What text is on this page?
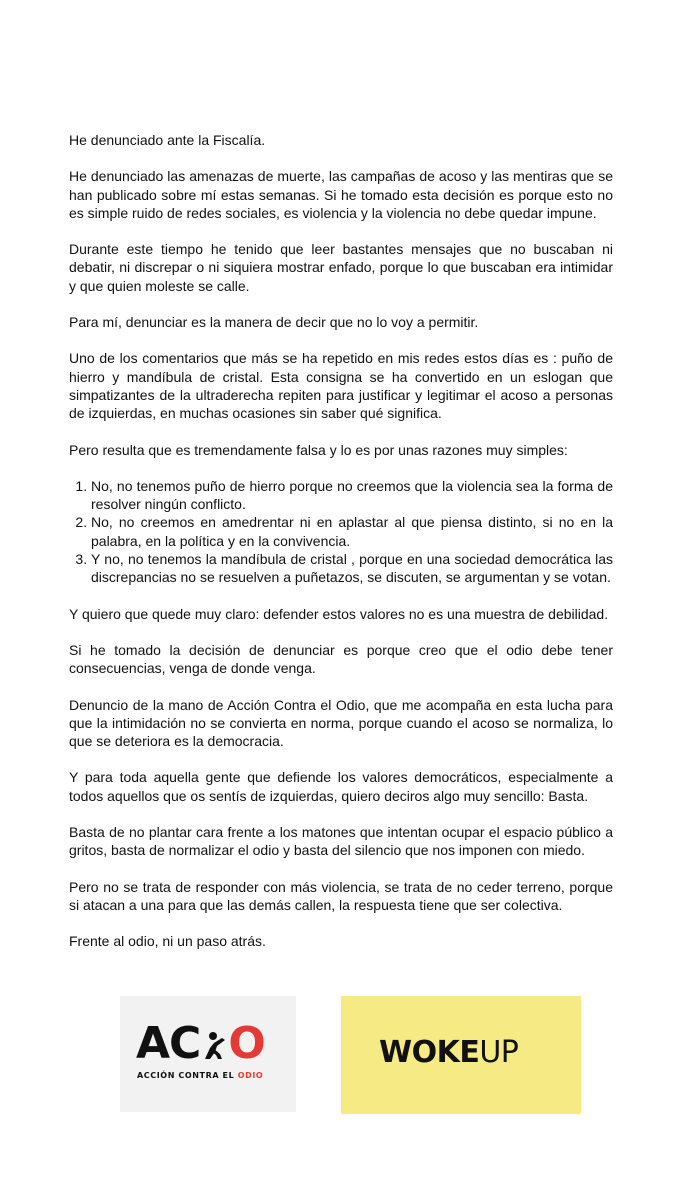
He denunciado ante la Fiscalía.

He denunciado las amenazas de muerte, las campañas de acoso y las mentiras que se han publicado sobre mí estas semanas. Si he tomado esta decisión es porque esto no es simple ruido de redes sociales, es violencia y la violencia no debe quedar impune.

Durante este tiempo he tenido que leer bastantes mensajes que no buscaban ni debatir, ni discrepar o ni siquiera mostrar enfado, porque lo que buscaban era intimidar y que quien moleste se calle.

Para mí, denunciar es la manera de decir que no lo voy a permitir.

Uno de los comentarios que más se ha repetido en mis redes estos días es : puño de hierro y mandíbula de cristal. Esta consigna se ha convertido en un eslogan que simpatizantes de la ultraderecha repiten para justificar y legitimar el acoso a personas de izquierdas, en muchas ocasiones sin saber qué significa.

Pero resulta que es tremendamente falsa y lo es por unas razones muy simples:

1. No, no tenemos puño de hierro porque no creemos que la violencia sea la forma de resolver ningún conflicto.
2. No, no creemos en amedrentar ni en aplastar al que piensa distinto, si no en la palabra, en la política y en la convivencia.
3. Y no, no tenemos la mandíbula de cristal , porque en una sociedad democrática las discrepancias no se resuelven a puñetazos, se discuten, se argumentan y se votan.

Y quiero que quede muy claro: defender estos valores no es una muestra de debilidad.

Si he tomado la decisión de denunciar es porque creo que el odio debe tener consecuencias, venga de donde venga.

Denuncio de la mano de Acción Contra el Odio, que me acompaña en esta lucha para que la intimidación no se convierta en norma, porque cuando el acoso se normaliza, lo que se deteriora es la democracia.

Y para toda aquella gente que defiende los valores democráticos, especialmente a todos aquellos que os sentís de izquierdas, quiero deciros algo muy sencillo: Basta.

Basta de no plantar cara frente a los matones que intentan ocupar el espacio público a gritos, basta de normalizar el odio y basta del silencio que nos imponen con miedo.

Pero no se trata de responder con más violencia, se trata de no ceder terreno, porque si atacan a una para que las demás callen, la respuesta tiene que ser colectiva.

Frente al odio, ni un paso atrás.

AC O
ACCIÓN CONTRA EL ODIO
WOKEUP
